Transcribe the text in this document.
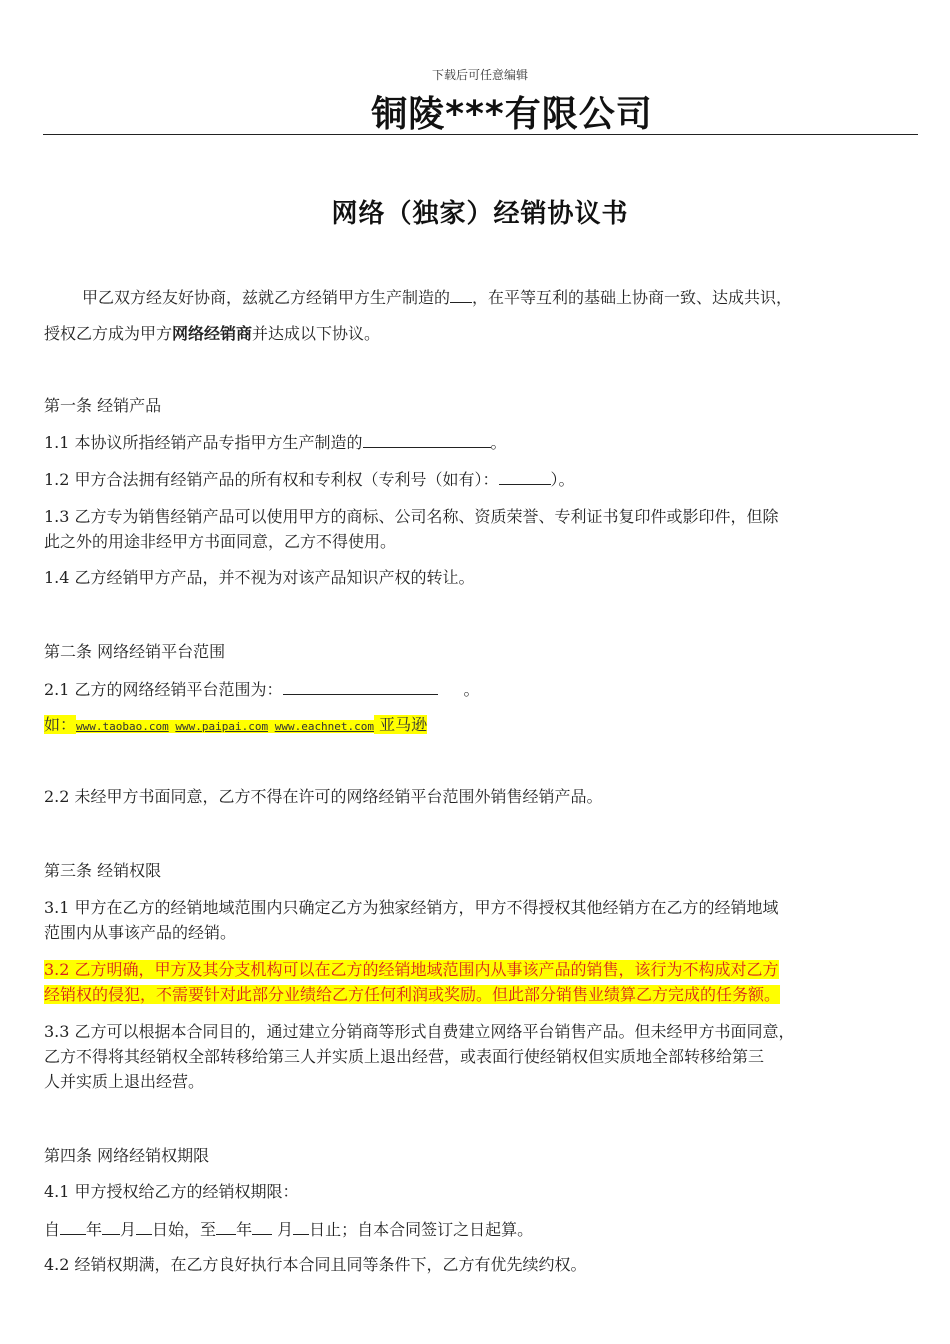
下载后可任意编辑
铜陵***有限公司
网络（独家）经销协议书
甲乙双方经友好协商，兹就乙方经销甲方生产制造的 ，在平等互利的基础上协商一致、达成共识，
授权乙方成为甲方网络经销商并达成以下协议。
第一条 经销产品
1.1 本协议所指经销产品专指甲方生产制造的	。
1.2 甲方合法拥有经销产品的所有权和专利权（专利号（如有）：	）。
1.3 乙方专为销售经销产品可以使用甲方的商标、公司名称、资质荣誉、专利证书复印件或影印件，但除
此之外的用途非经甲方书面同意，乙方不得使用。
1.4 乙方经销甲方产品，并不视为对该产品知识产权的转让。
第二条 网络经销平台范围
2.1 乙方的网络经销平台范围为：	。
如：www.taobao.com www.paipai.com www.eachnet.com 亚马逊
2.2 未经甲方书面同意，乙方不得在许可的网络经销平台范围外销售经销产品。
第三条 经销权限
3.1 甲方在乙方的经销地域范围内只确定乙方为独家经销方，甲方不得授权其他经销方在乙方的经销地域
范围内从事该产品的经销。
3.2 乙方明确，甲方及其分支机构可以在乙方的经销地域范围内从事该产品的销售，该行为不构成对乙方
经销权的侵犯，不需要针对此部分业绩给乙方任何利润或奖励。但此部分销售业绩算乙方完成的任务额。
3.3 乙方可以根据本合同目的，通过建立分销商等形式自费建立网络平台销售产品。但未经甲方书面同意，
乙方不得将其经销权全部转移给第三人并实质上退出经营，或表面行使经销权但实质地全部转移给第三
人并实质上退出经营。
第四条 网络经销权期限
4.1 甲方授权给乙方的经销权期限：
自 年 月 日始，至 年 月 日止；自本合同签订之日起算。
4.2 经销权期满，在乙方良好执行本合同且同等条件下，乙方有优先续约权。
